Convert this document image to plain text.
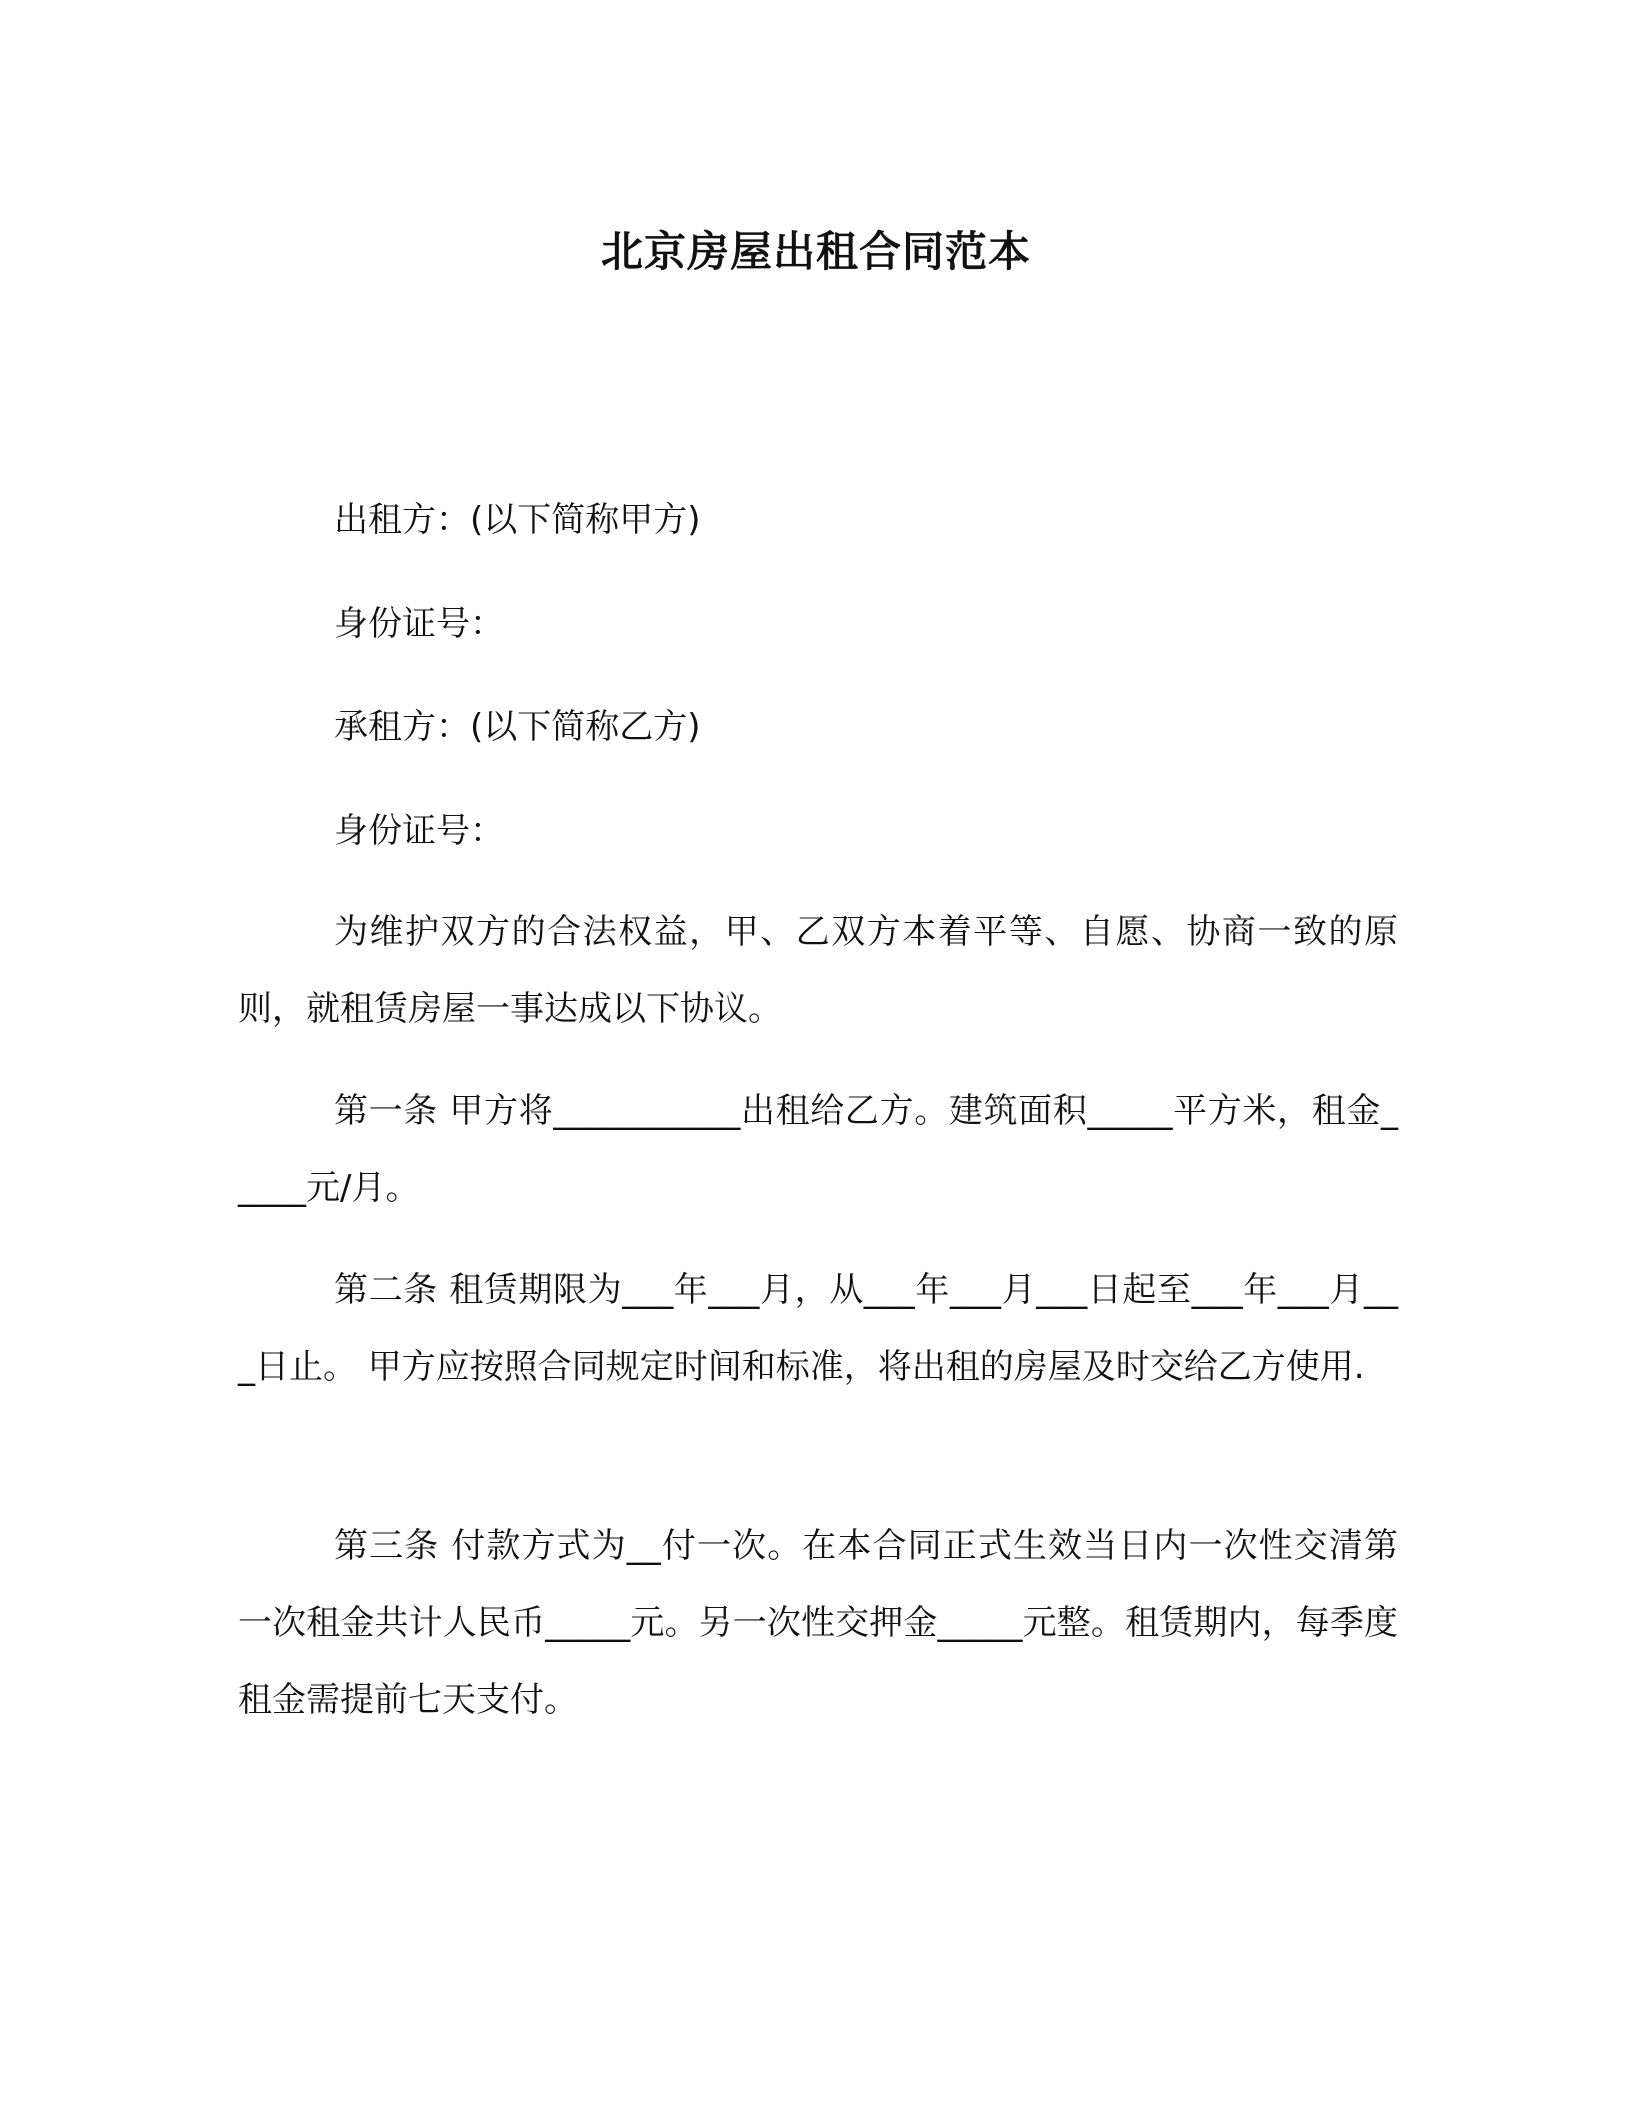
北京房屋出租合同范本
出租方：(以下简称甲方)
身份证号：
承租方：(以下简称乙方)
身份证号：
为维护双方的合法权益，甲、乙双方本着平等、自愿、协商一致的原则，就租赁房屋一事达成以下协议。
第一条 甲方将___________出租给乙方。建筑面积_____平方米，租金_____元/月。
第二条 租赁期限为___年___月，从___年___月___日起至___年___月___日止。 甲方应按照合同规定时间和标准，将出租的房屋及时交给乙方使用.
第三条 付款方式为__付一次。在本合同正式生效当日内一次性交清第一次租金共计人民币_____元。另一次性交押金_____元整。租赁期内，每季度租金需提前七天支付。
